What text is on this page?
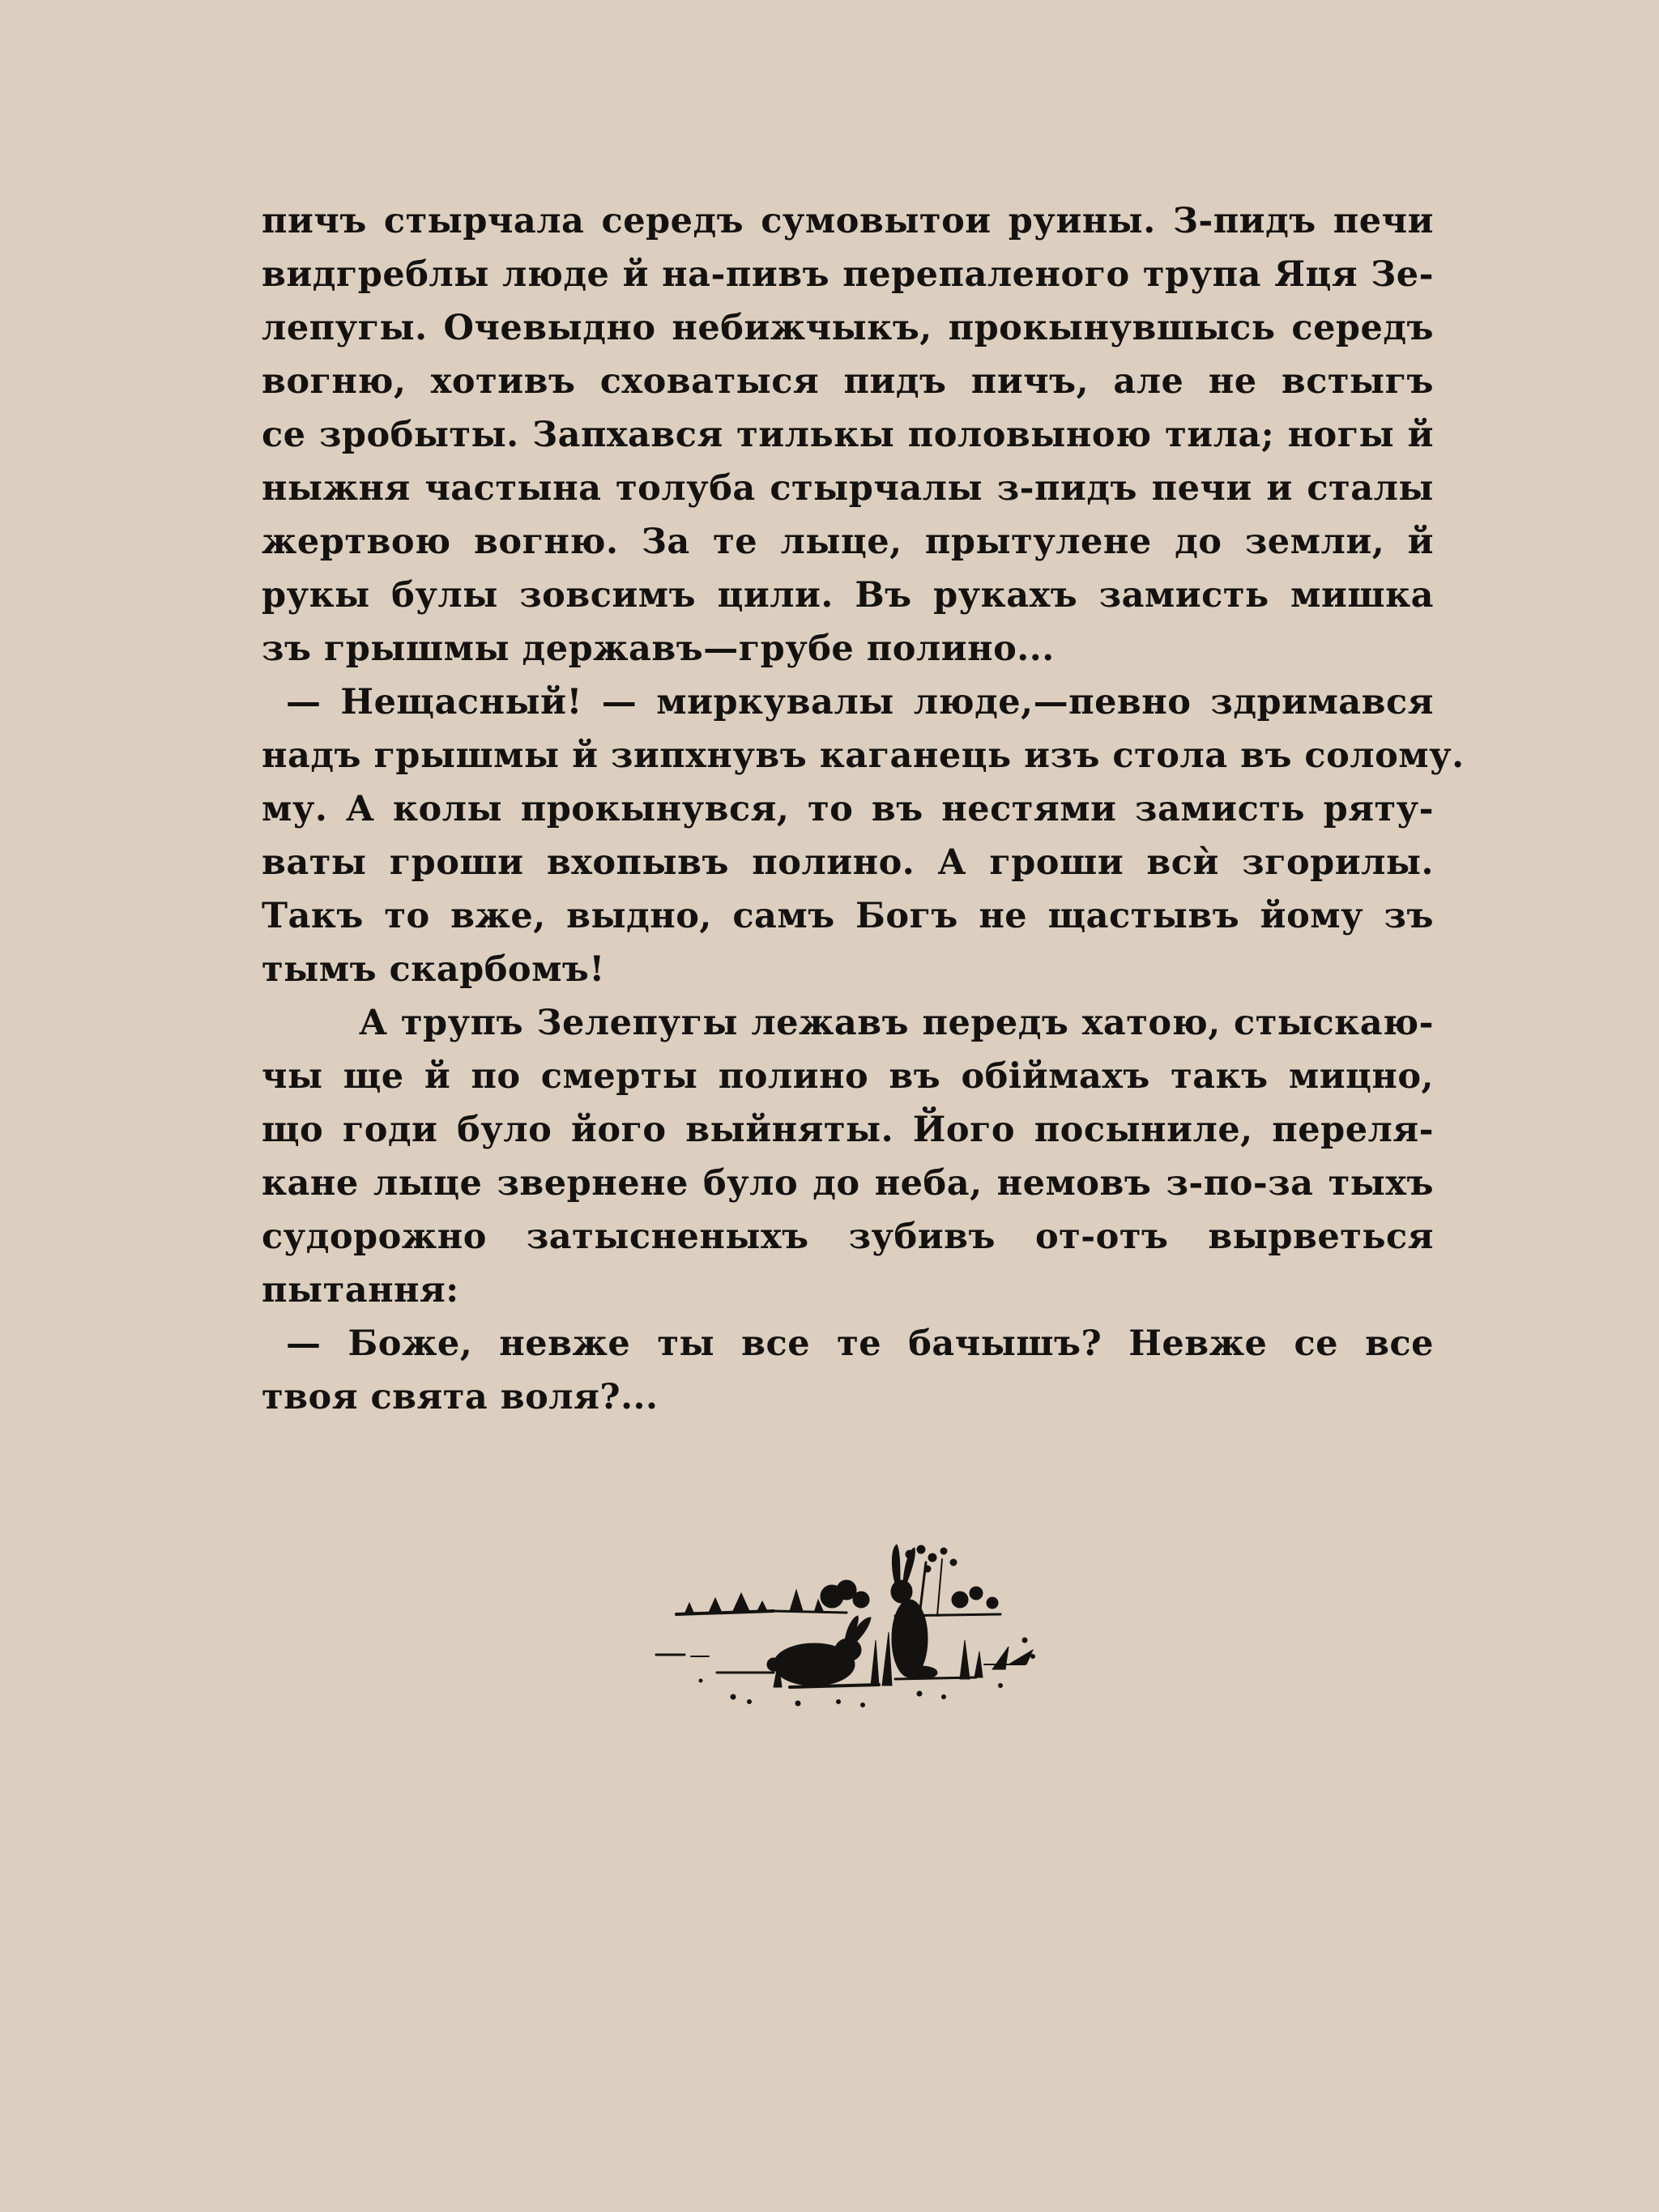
пичъ стырчала середъ сумовытои руины. З-пидъ печи
видгреблы люде й на-пивъ перепаленого трупа Яця Зе-
лепугы. Очевыдно небижчыкъ, прокынувшысь середъ
вогню, хотивъ сховатыся пидъ пичъ, але не встыгъ
се зробыты. Запхався тилькы половыною тила; ногы й
ныжня частына толуба стырчалы з-пидъ печи и сталы
жертвою вогню. За те лыце, прытулене до земли, й
рукы булы зовсимъ цили. Въ рукахъ замисть мишка
зъ грышмы державъ—грубе полино...
— Нещасный! — миркувалы люде,—певно здримався
надъ грышмы й зипхнувъ каганець изъ стола въ солому.
му. А колы прокынувся, то въ нестями замисть ряту-
ваты гроши вхопывъ полино. А гроши всѝ згорилы.
Такъ то вже, выдно, самъ Богъ не щастывъ йому зъ
тымъ скарбомъ!
А трупъ Зелепугы лежавъ передъ хатою, стыскаю-
чы ще й по смерты полино въ обіймахъ такъ мицно,
що годи було його выйняты. Його посыниле, переля-
кане лыце звернене було до неба, немовъ з-по-за тыхъ
судорожно затысненыхъ зубивъ от-отъ вырветься
пытання:
— Боже, невже ты все те бачышъ? Невже се все
твоя свята воля?...
